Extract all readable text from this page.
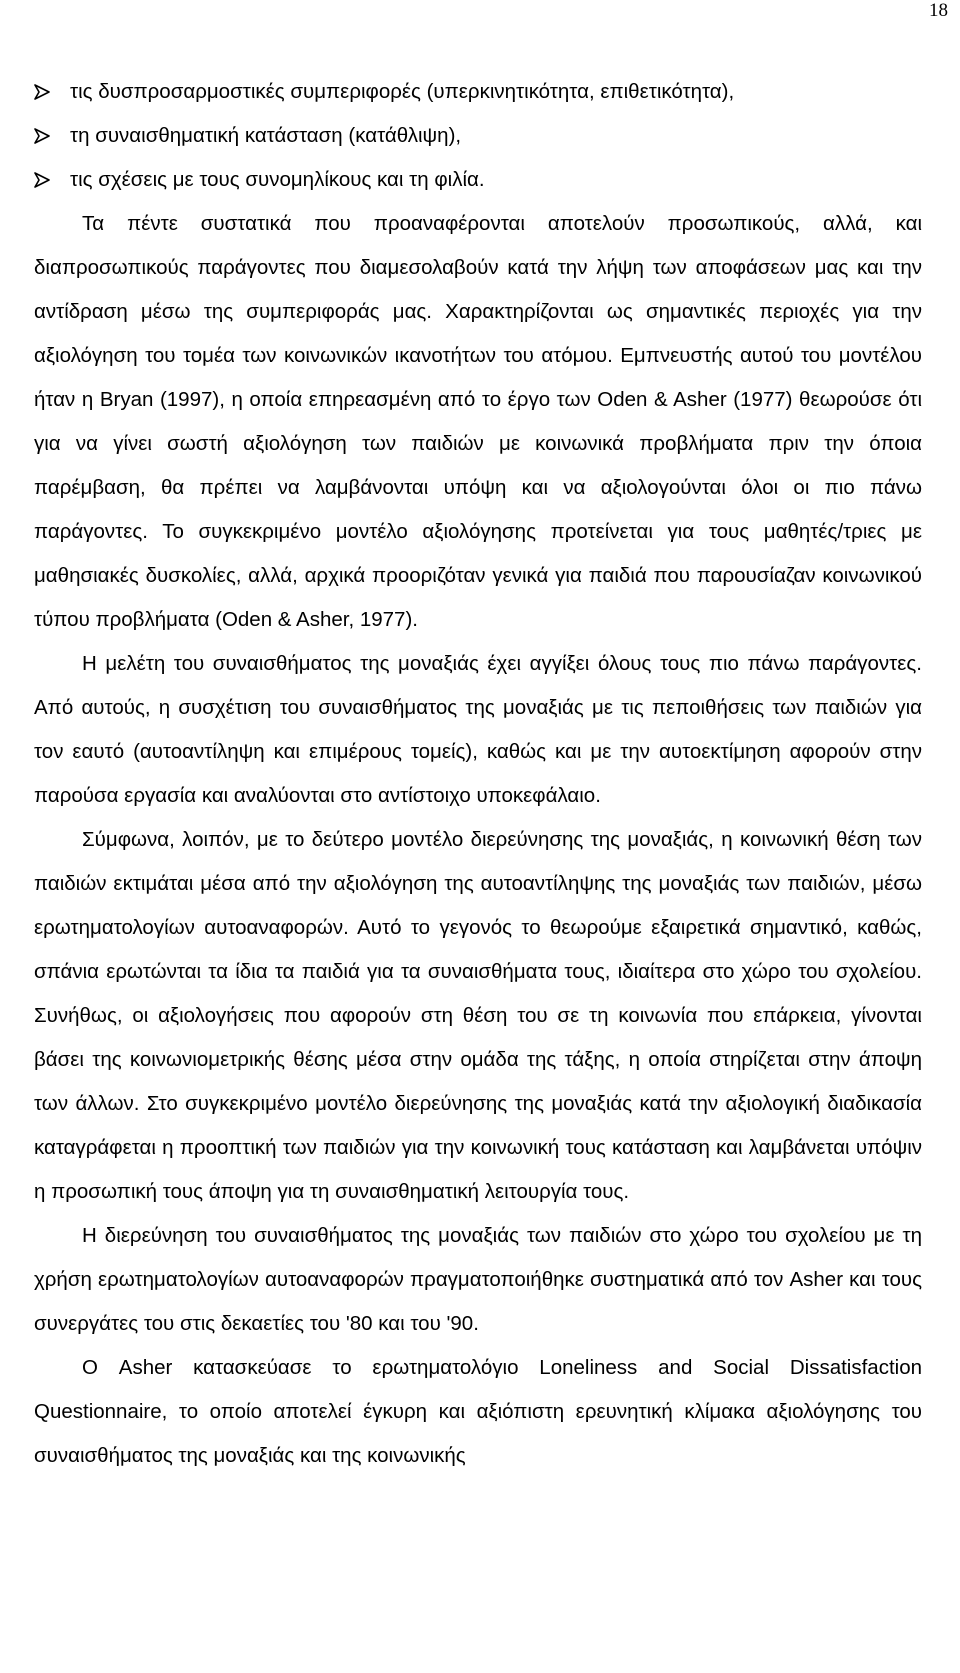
18
τις δυσπροσαρμοστικές συμπεριφορές (υπερκινητικότητα, επιθετικότητα),
τη συναισθηματική κατάσταση (κατάθλιψη),
τις σχέσεις με τους συνομηλίκους και τη φιλία.

Τα πέντε συστατικά που προαναφέρονται αποτελούν προσωπικούς, αλλά, και διαπροσωπικούς παράγοντες που διαμεσολαβούν κατά την λήψη των αποφάσεων μας και την αντίδραση μέσω της συμπεριφοράς μας. Χαρακτηρίζονται ως σημαντικές περιοχές για την αξιολόγηση του τομέα των κοινωνικών ικανοτήτων του ατόμου. Εμπνευστής αυτού του μοντέλου ήταν η Bryan (1997), η οποία επηρεασμένη από το έργο των Oden & Asher (1977) θεωρούσε ότι για να γίνει σωστή αξιολόγηση των παιδιών με κοινωνικά προβλήματα πριν την όποια παρέμβαση, θα πρέπει να λαμβάνονται υπόψη και να αξιολογούνται όλοι οι πιο πάνω παράγοντες. Το συγκεκριμένο μοντέλο αξιολόγησης προτείνεται για τους μαθητές/τριες με μαθησιακές δυσκολίες, αλλά, αρχικά προοριζόταν γενικά για παιδιά που παρουσίαζαν κοινωνικού τύπου προβλήματα (Oden & Asher, 1977).

Η μελέτη του συναισθήματος της μοναξιάς έχει αγγίξει όλους τους πιο πάνω παράγοντες. Από αυτούς, η συσχέτιση του συναισθήματος της μοναξιάς με τις πεποιθήσεις των παιδιών για τον εαυτό (αυτοαντίληψη και επιμέρους τομείς), καθώς και με την αυτοεκτίμηση αφορούν στην παρούσα εργασία και αναλύονται στο αντίστοιχο υποκεφάλαιο.

Σύμφωνα, λοιπόν, με το δεύτερο μοντέλο διερεύνησης της μοναξιάς, η κοινωνική θέση των παιδιών εκτιμάται μέσα από την αξιολόγηση της αυτοαντίληψης της μοναξιάς των παιδιών, μέσω ερωτηματολογίων αυτοαναφορών. Αυτό το γεγονός το θεωρούμε εξαιρετικά σημαντικό, καθώς, σπάνια ερωτώνται τα ίδια τα παιδιά για τα συναισθήματα τους, ιδιαίτερα στο χώρο του σχολείου. Συνήθως, οι αξιολογήσεις που αφορούν στη θέση του σε τη κοινωνία που επάρκεια, γίνονται βάσει της κοινωνιομετρικής θέσης μέσα στην ομάδα της τάξης, η οποία στηρίζεται στην άποψη των άλλων. Στο συγκεκριμένο μοντέλο διερεύνησης της μοναξιάς κατά την αξιολογική διαδικασία καταγράφεται η προοπτική των παιδιών για την κοινωνική τους κατάσταση και λαμβάνεται υπόψιν η προσωπική τους άποψη για τη συναισθηματική λειτουργία τους.

Η διερεύνηση του συναισθήματος της μοναξιάς των παιδιών στο χώρο του σχολείου με τη χρήση ερωτηματολογίων αυτοαναφορών πραγματοποιήθηκε συστηματικά από τον Asher και τους συνεργάτες του στις δεκαετίες του '80 και του '90.

Ο Asher κατασκεύασε το ερωτηματολόγιο Loneliness and Social Dissatisfaction Questionnaire, το οποίο αποτελεί έγκυρη και αξιόπιστη ερευνητική κλίμακα αξιολόγησης του συναισθήματος της μοναξιάς και της κοινωνικής
